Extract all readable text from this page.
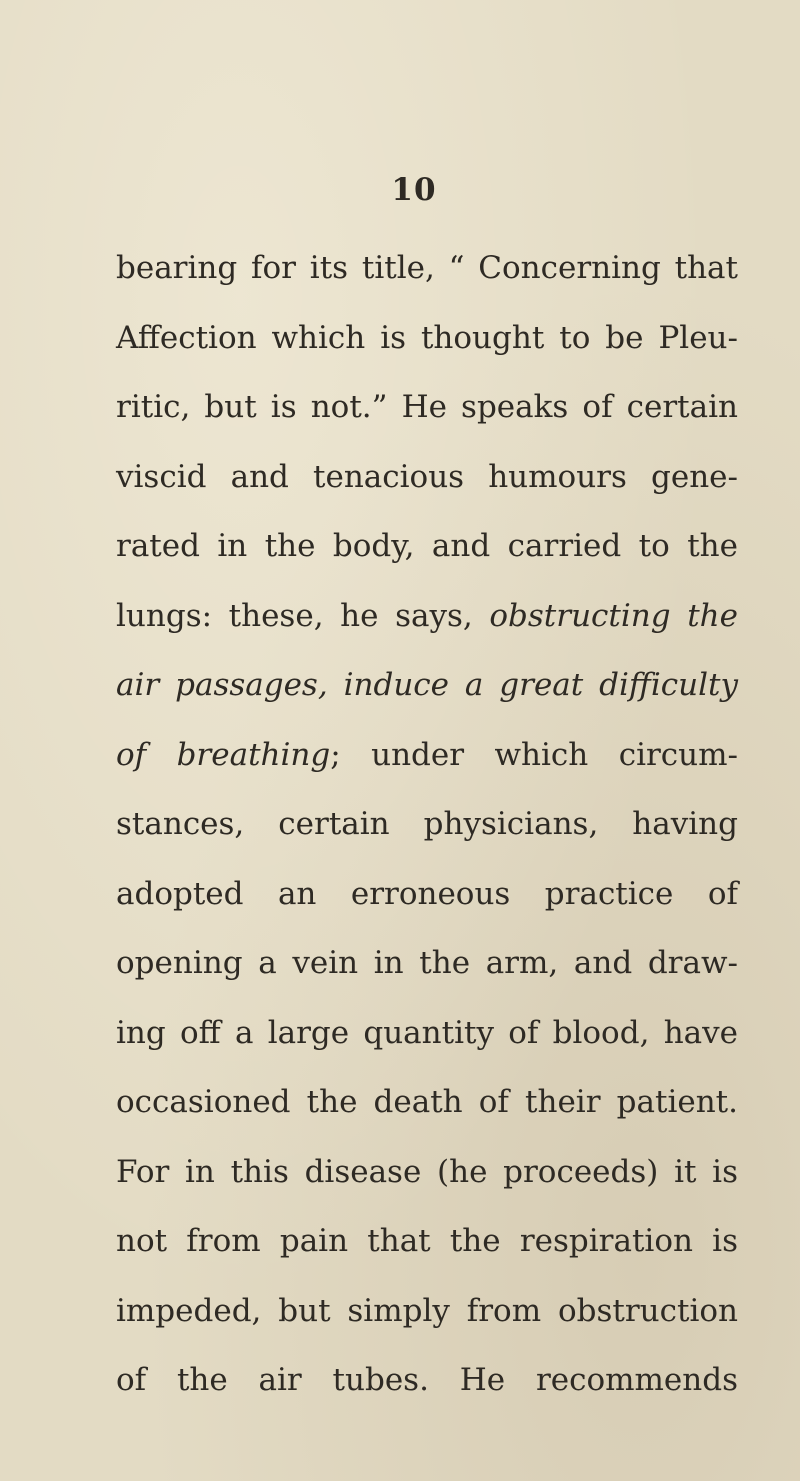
10
bearing for its title, “ Concerning that
Affection which is thought to be Pleu-
ritic, but is not.” He speaks of certain
viscid and tenacious humours gene-
rated in the body, and carried to the
lungs: these, he says, obstructing the
air passages, induce a great difficulty
of breathing; under which circum-
stances, certain physicians, having
adopted an erroneous practice of
opening a vein in the arm, and draw-
ing off a large quantity of blood, have
occasioned the death of their patient.
For in this disease (he proceeds) it is
not from pain that the respiration is
impeded, but simply from obstruction
of the air tubes. He recommends
